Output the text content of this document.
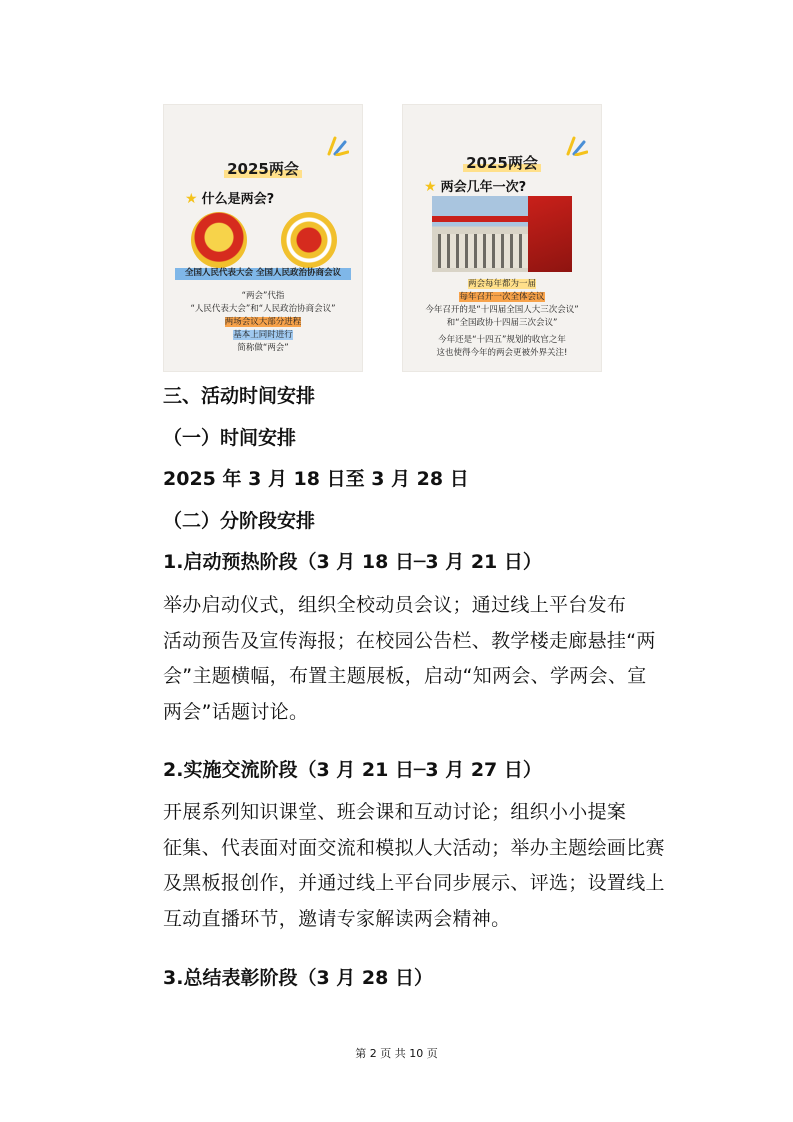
2025两会
★ 什么是两会?
全国人民代表大会 全国人民政治协商会议
“两会”代指
“人民代表大会”和“人民政治协商会议”
两场会议大部分进程
基本上同时进行
简称做“两会”
2025两会
★ 两会几年一次?
两会每年都为一届
每年召开一次全体会议
今年召开的是“十四届全国人大三次会议”
和“全国政协十四届三次会议”
今年还是“十四五”规划的收官之年
这也使得今年的两会更被外界关注!
三、活动时间安排
（一）时间安排
2025 年 3 月 18 日至 3 月 28 日
（二）分阶段安排
1.启动预热阶段（3 月 18 日─3 月 21 日）
举办启动仪式，组织全校动员会议；通过线上平台发布
活动预告及宣传海报；在校园公告栏、教学楼走廊悬挂“两
会”主题横幅，布置主题展板，启动“知两会、学两会、宣
两会”话题讨论。
2.实施交流阶段（3 月 21 日─3 月 27 日）
开展系列知识课堂、班会课和互动讨论；组织小小提案
征集、代表面对面交流和模拟人大活动；举办主题绘画比赛
及黑板报创作，并通过线上平台同步展示、评选；设置线上
互动直播环节，邀请专家解读两会精神。
3.总结表彰阶段（3 月 28 日）
第 2 页 共 10 页
